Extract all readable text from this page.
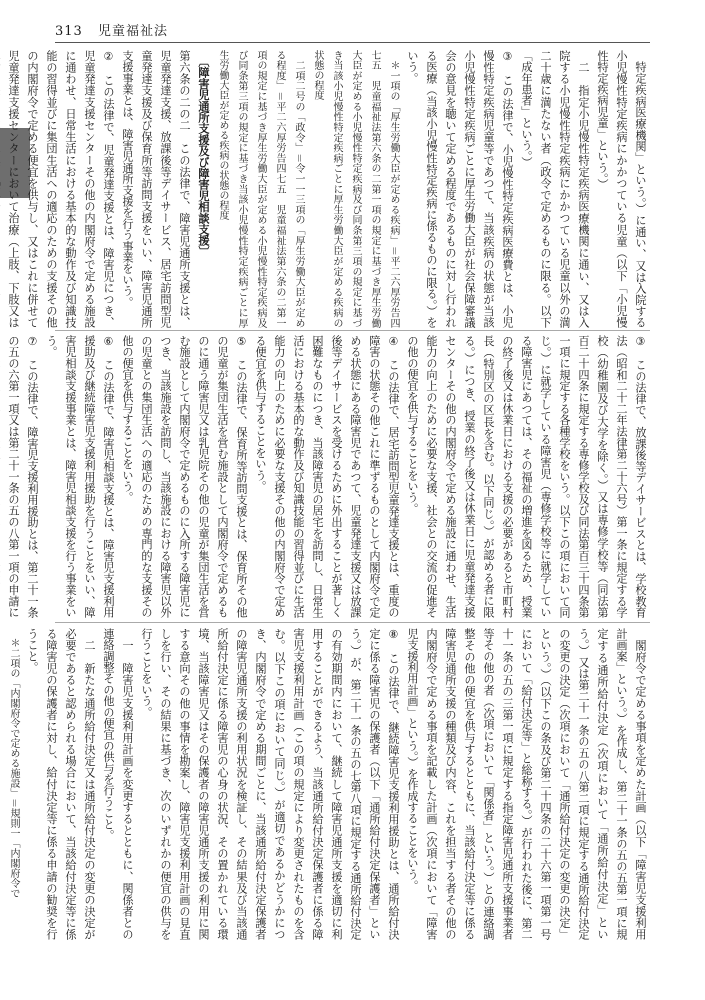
313 児童福祉法

　特定疾病医療機関」という。）に通い、又は入院する小児慢性特定疾病にかかつている児童（以下「小児慢性特定疾病児童」という。）

　二　指定小児慢性特定疾病医療機関に通い、又は入院する小児慢性特定疾病にかかつている児童以外の満二十歳に満たない者（政令で定めるものに限る。以下「成年患者」という。）

③　この法律で、小児慢性特定疾病医療費とは、小児慢性特定疾病児童等であつて、当該疾病の状態が当該小児慢性特定疾病ごとに厚生労働大臣が社会保障審議会の意見を聴いて定める程度であるものに対し行われる医療（当該小児慢性特定疾病に係るものに限る。）をいう。

　＊一項の「厚生労働大臣が定める疾病」＝平二六厚労告四七五　児童福祉法第六条の二第一項の規定に基づき厚生労働大臣が定める小児慢性特定疾病及び同条第三項の規定に基づき当該小児慢性特定疾病ごとに厚生労働大臣が定める疾病の状態の程度

　二項二号の「政令」＝令一一三項の「厚生労働大臣が定める程度」＝平二六厚労告四七五　児童福祉法第六条の二第一項の規定に基づき厚生労働大臣が定める小児慢性特定疾病及び同条第三項の規定に基づき当該小児慢性特定疾病ごとに厚生労働大臣が定める疾病の状態の程度

　〔障害児通所支援及び障害児相談支援〕

第六条の二の二　この法律で、障害児通所支援とは、児童発達支援、放課後等デイサービス、居宅訪問型児童発達支援及び保育所等訪問支援をいい、障害児通所支援事業とは、障害児通所支援を行う事業をいう。

②　この法律で、児童発達支援とは、障害児につき、児童発達支援センターその他の内閣府令で定める施設に通わせ、日常生活における基本的な動作及び知識技能の習得並びに集団生活への適応のための支援その他の内閣府令で定める便宜を供与し、又はこれに併せて児童発達支援センターにおいて治療（上肢、下肢又は

③　この法律で、放課後等デイサービスとは、学校教育法（昭和二十二年法律第二十六号）第一条に規定する学校（幼稚園及び大学を除く。）又は専修学校等（同法第百二十四条に規定する専修学校及び同法第百三十四条第一項に規定する各種学校をいう。以下この項において同じ。）に就学している障害児（専修学校等に就学している障害児にあつては、その福祉の増進を図るため、授業の終了後又は休業日における支援の必要があると市町村長（特別区の区長を含む。以下同じ。）が認める者に限る。）につき、授業の終了後又は休業日に児童発達支援センターその他の内閣府令で定める施設に通わせ、生活能力の向上のために必要な支援、社会との交流の促進その他の便宜を供与することをいう。

④　この法律で、居宅訪問型児童発達支援とは、重度の障害の状態その他これに準ずるものとして内閣府令で定める状態にある障害児であつて、児童発達支援又は放課後等デイサービスを受けるために外出することが著しく困難なものにつき、当該障害児の居宅を訪問し、日常生活における基本的な動作及び知識技能の習得並びに生活能力の向上のために必要な支援その他の内閣府令で定める便宜を供与することをいう。

⑤　この法律で、保育所等訪問支援とは、保育所その他の児童が集団生活を営む施設として内閣府令で定めるものに通う障害児又は乳児院その他の児童が集団生活を営む施設として内閣府令で定めるものに入所する障害児につき、当該施設を訪問し、当該施設における障害児以外の児童との集団生活への適応のための専門的な支援その他の便宜を供与することをいう。

⑥　この法律で、障害児相談支援とは、障害児支援利用援助及び継続障害児支援利用援助を行うことをいい、障害児相談支援事業とは、障害児相談支援を行う事業をいう。

⑦　この法律で、障害児支援利用援助とは、第二十一条の五の六第一項又は第二十一条の五の八第一項の申請に

　閣府令で定める事項を定めた計画（以下「障害児支援利用計画案」という。）を作成し、第二十一条の五の五第一項に規定する通所給付決定（次項において「通所給付決定」という。）又は第二十一条の五の八第二項に規定する通所給付決定の変更の決定（次項において「通所給付決定の変更の決定」という。）（以下この条及び第二十四条の二十六第一項第一号において「給付決定等」と総称する。）が行われた後に、第二十一条の五の三第一項に規定する指定障害児通所支援事業者等その他の者（次項において「関係者」という。）との連絡調整その他の便宜を供与するとともに、当該給付決定等に係る障害児通所支援の種類及び内容、これを担当する者その他の内閣府令で定める事項を記載した計画（次項において「障害児支援利用計画」という。）を作成することをいう。

⑧　この法律で、継続障害児支援利用援助とは、通所給付決定に係る障害児の保護者（以下「通所給付決定保護者」という。）が、第二十一条の五の七第八項に規定する通所給付決定の有効期間内において、継続して障害児通所支援を適切に利用することができるよう、当該通所給付決定保護者に係る障害児支援利用計画（この項の規定により変更されたものを含む。以下この項において同じ。）が適切であるかどうかにつき、内閣府令で定める期間ごとに、当該通所給付決定保護者の障害児通所支援の利用状況を検証し、その結果及び当該通所給付決定に係る障害児の心身の状況、その置かれている環境、当該障害児又はその保護者の障害児通所支援の利用に関する意向その他の事情を勘案し、障害児支援利用計画の見直しを行い、その結果に基づき、次のいずれかの便宜の供与を行うことをいう。

　一　障害児支援利用計画を変更するとともに、関係者との連絡調整その他の便宜の供与を行うこと。

　二　新たな通所給付決定又は通所給付決定の変更の決定が必要であると認められる場合において、当該給付決定等に係る障害児の保護者に対し、給付決定等に係る申請の勧奨を行うこと。

　＊二項の「内閣府令で定める施設」＝規則一「内閣府令で
